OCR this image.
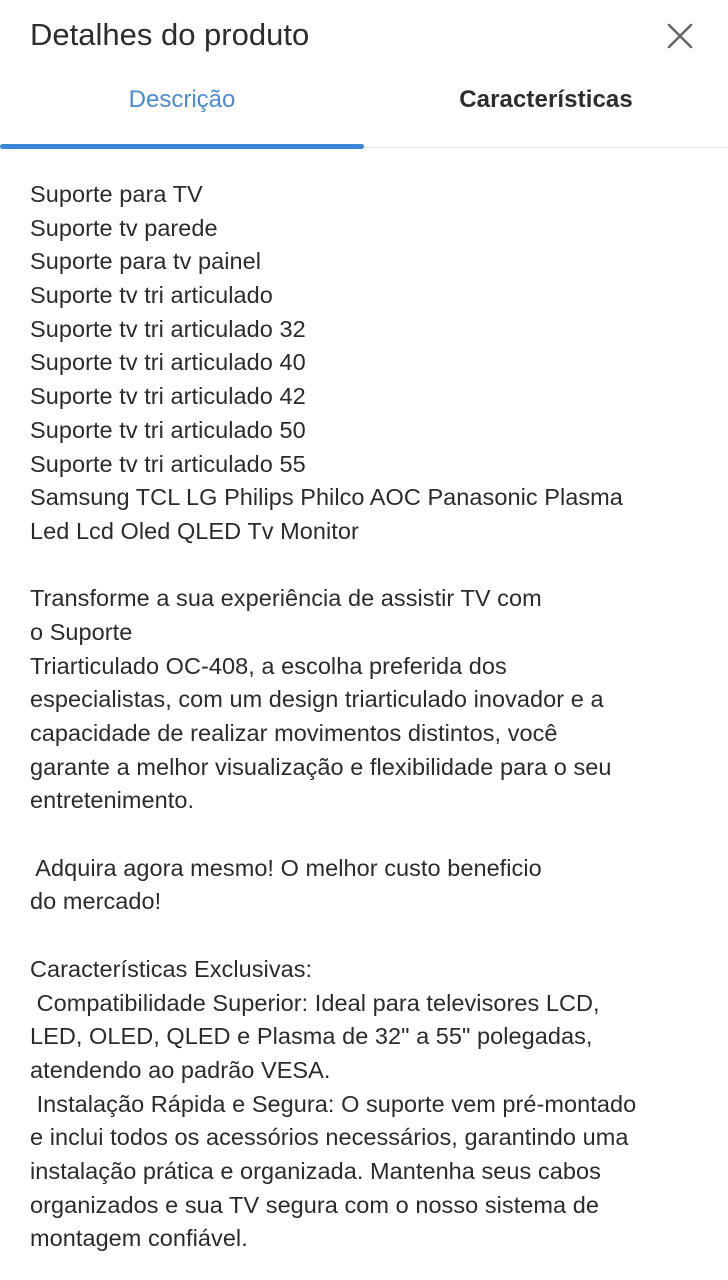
Detalhes do produto
Descrição	Características
Suporte para TV
Suporte tv parede
Suporte para tv painel
Suporte tv tri articulado
Suporte tv tri articulado 32
Suporte tv tri articulado 40
Suporte tv tri articulado 42
Suporte tv tri articulado 50
Suporte tv tri articulado 55
Samsung TCL LG Philips Philco AOC Panasonic Plasma
Led Lcd Oled QLED Tv Monitor
Transforme a sua experiência de assistir TV com
o Suporte
Triarticulado OC-408, a escolha preferida dos
especialistas, com um design triarticulado inovador e a
capacidade de realizar movimentos distintos, você
garante a melhor visualização e flexibilidade para o seu
entretenimento.
Adquira agora mesmo! O melhor custo beneficio
do mercado!
Características Exclusivas:
Compatibilidade Superior: Ideal para televisores LCD,
LED, OLED, QLED e Plasma de 32" a 55" polegadas,
atendendo ao padrão VESA.
Instalação Rápida e Segura: O suporte vem pré-montado
e inclui todos os acessórios necessários, garantindo uma
instalação prática e organizada. Mantenha seus cabos
organizados e sua TV segura com o nosso sistema de
montagem confiável.
